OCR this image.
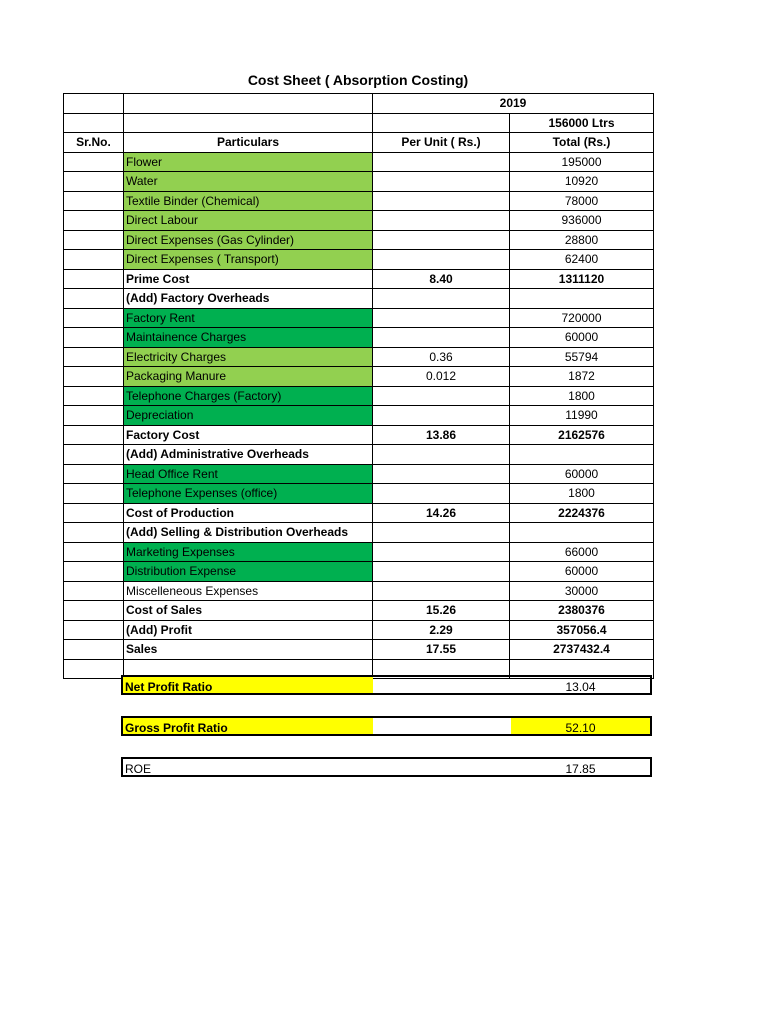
Cost Sheet ( Absorption Costing)
		2019	
			156000 Ltrs
Sr.No.	Particulars	Per Unit ( Rs.)	Total (Rs.)
	Flower		195000
	Water		10920
	Textile Binder (Chemical)		78000
	Direct Labour		936000
	Direct Expenses (Gas Cylinder)		28800
	Direct Expenses ( Transport)		62400
	Prime Cost	8.40	1311120
	(Add) Factory Overheads		
	Factory Rent		720000
	Maintainence Charges		60000
	Electricity Charges	0.36	55794
	Packaging Manure	0.012	1872
	Telephone Charges (Factory)		1800
	Depreciation		11990
	Factory Cost	13.86	2162576
	(Add) Administrative Overheads		
	Head Office Rent		60000
	Telephone Expenses (office)		1800
	Cost of Production	14.26	2224376
	(Add) Selling & Distribution Overheads		
	Marketing Expenses		66000
	Distribution Expense		60000
	Miscelleneous Expenses		30000
	Cost of Sales	15.26	2380376
	(Add) Profit	2.29	357056.4
	Sales	17.55	2737432.4

Net Profit Ratio	13.04
Gross Profit Ratio	52.10
ROE	17.85
